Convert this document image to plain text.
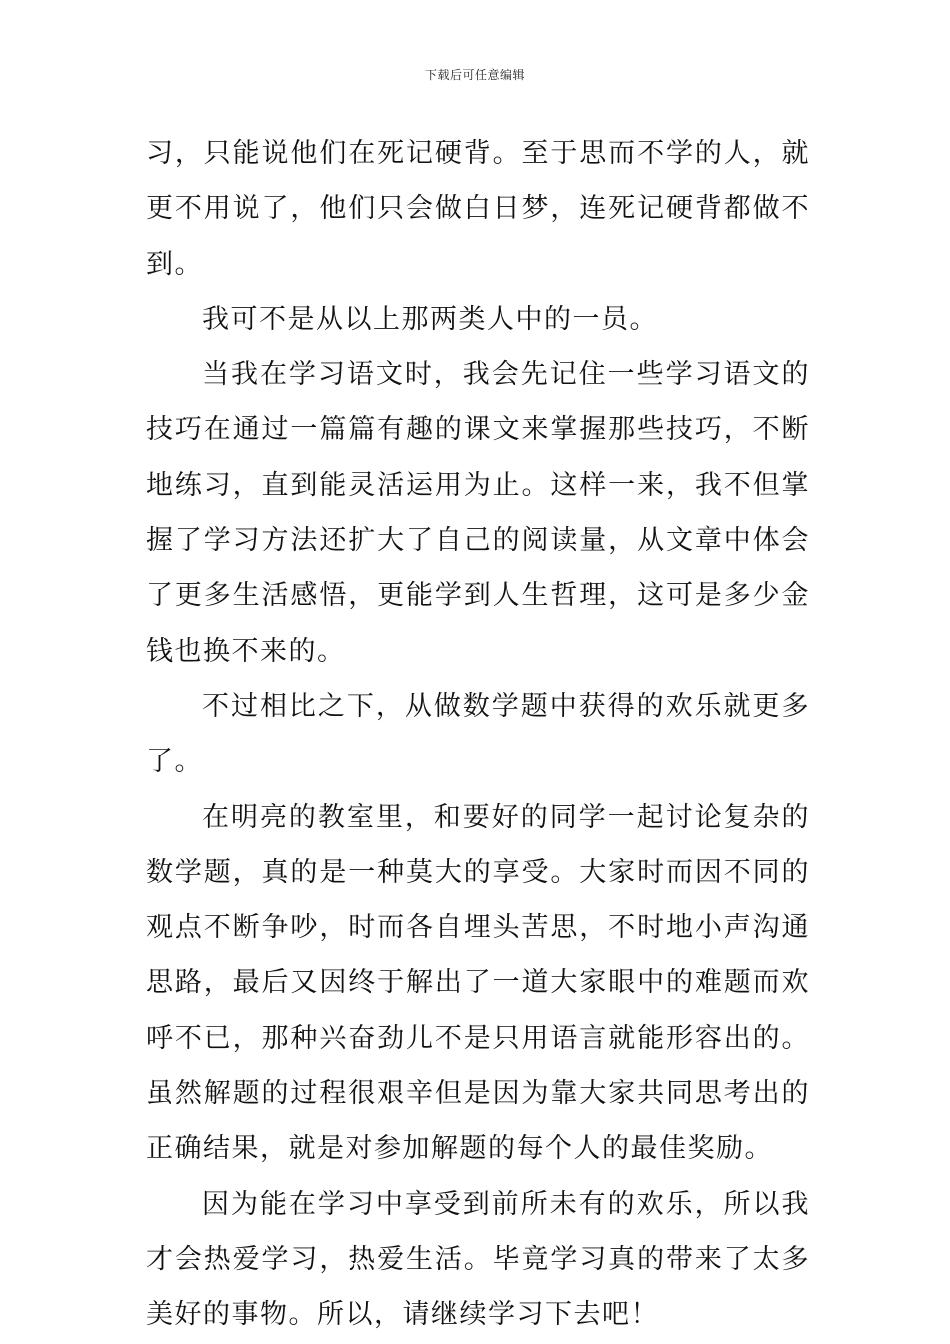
下载后可任意编辑

习，只能说他们在死记硬背。至于思而不学的人，就更不用说了，他们只会做白日梦，连死记硬背都做不到。

我可不是从以上那两类人中的一员。

当我在学习语文时，我会先记住一些学习语文的技巧在通过一篇篇有趣的课文来掌握那些技巧，不断地练习，直到能灵活运用为止。这样一来，我不但掌握了学习方法还扩大了自己的阅读量，从文章中体会了更多生活感悟，更能学到人生哲理，这可是多少金钱也换不来的。

不过相比之下，从做数学题中获得的欢乐就更多了。

在明亮的教室里，和要好的同学一起讨论复杂的数学题，真的是一种莫大的享受。大家时而因不同的观点不断争吵，时而各自埋头苦思，不时地小声沟通思路，最后又因终于解出了一道大家眼中的难题而欢呼不已，那种兴奋劲儿不是只用语言就能形容出的。虽然解题的过程很艰辛但是因为靠大家共同思考出的正确结果，就是对参加解题的每个人的最佳奖励。

因为能在学习中享受到前所未有的欢乐，所以我才会热爱学习，热爱生活。毕竟学习真的带来了太多美好的事物。所以，请继续学习下去吧！
